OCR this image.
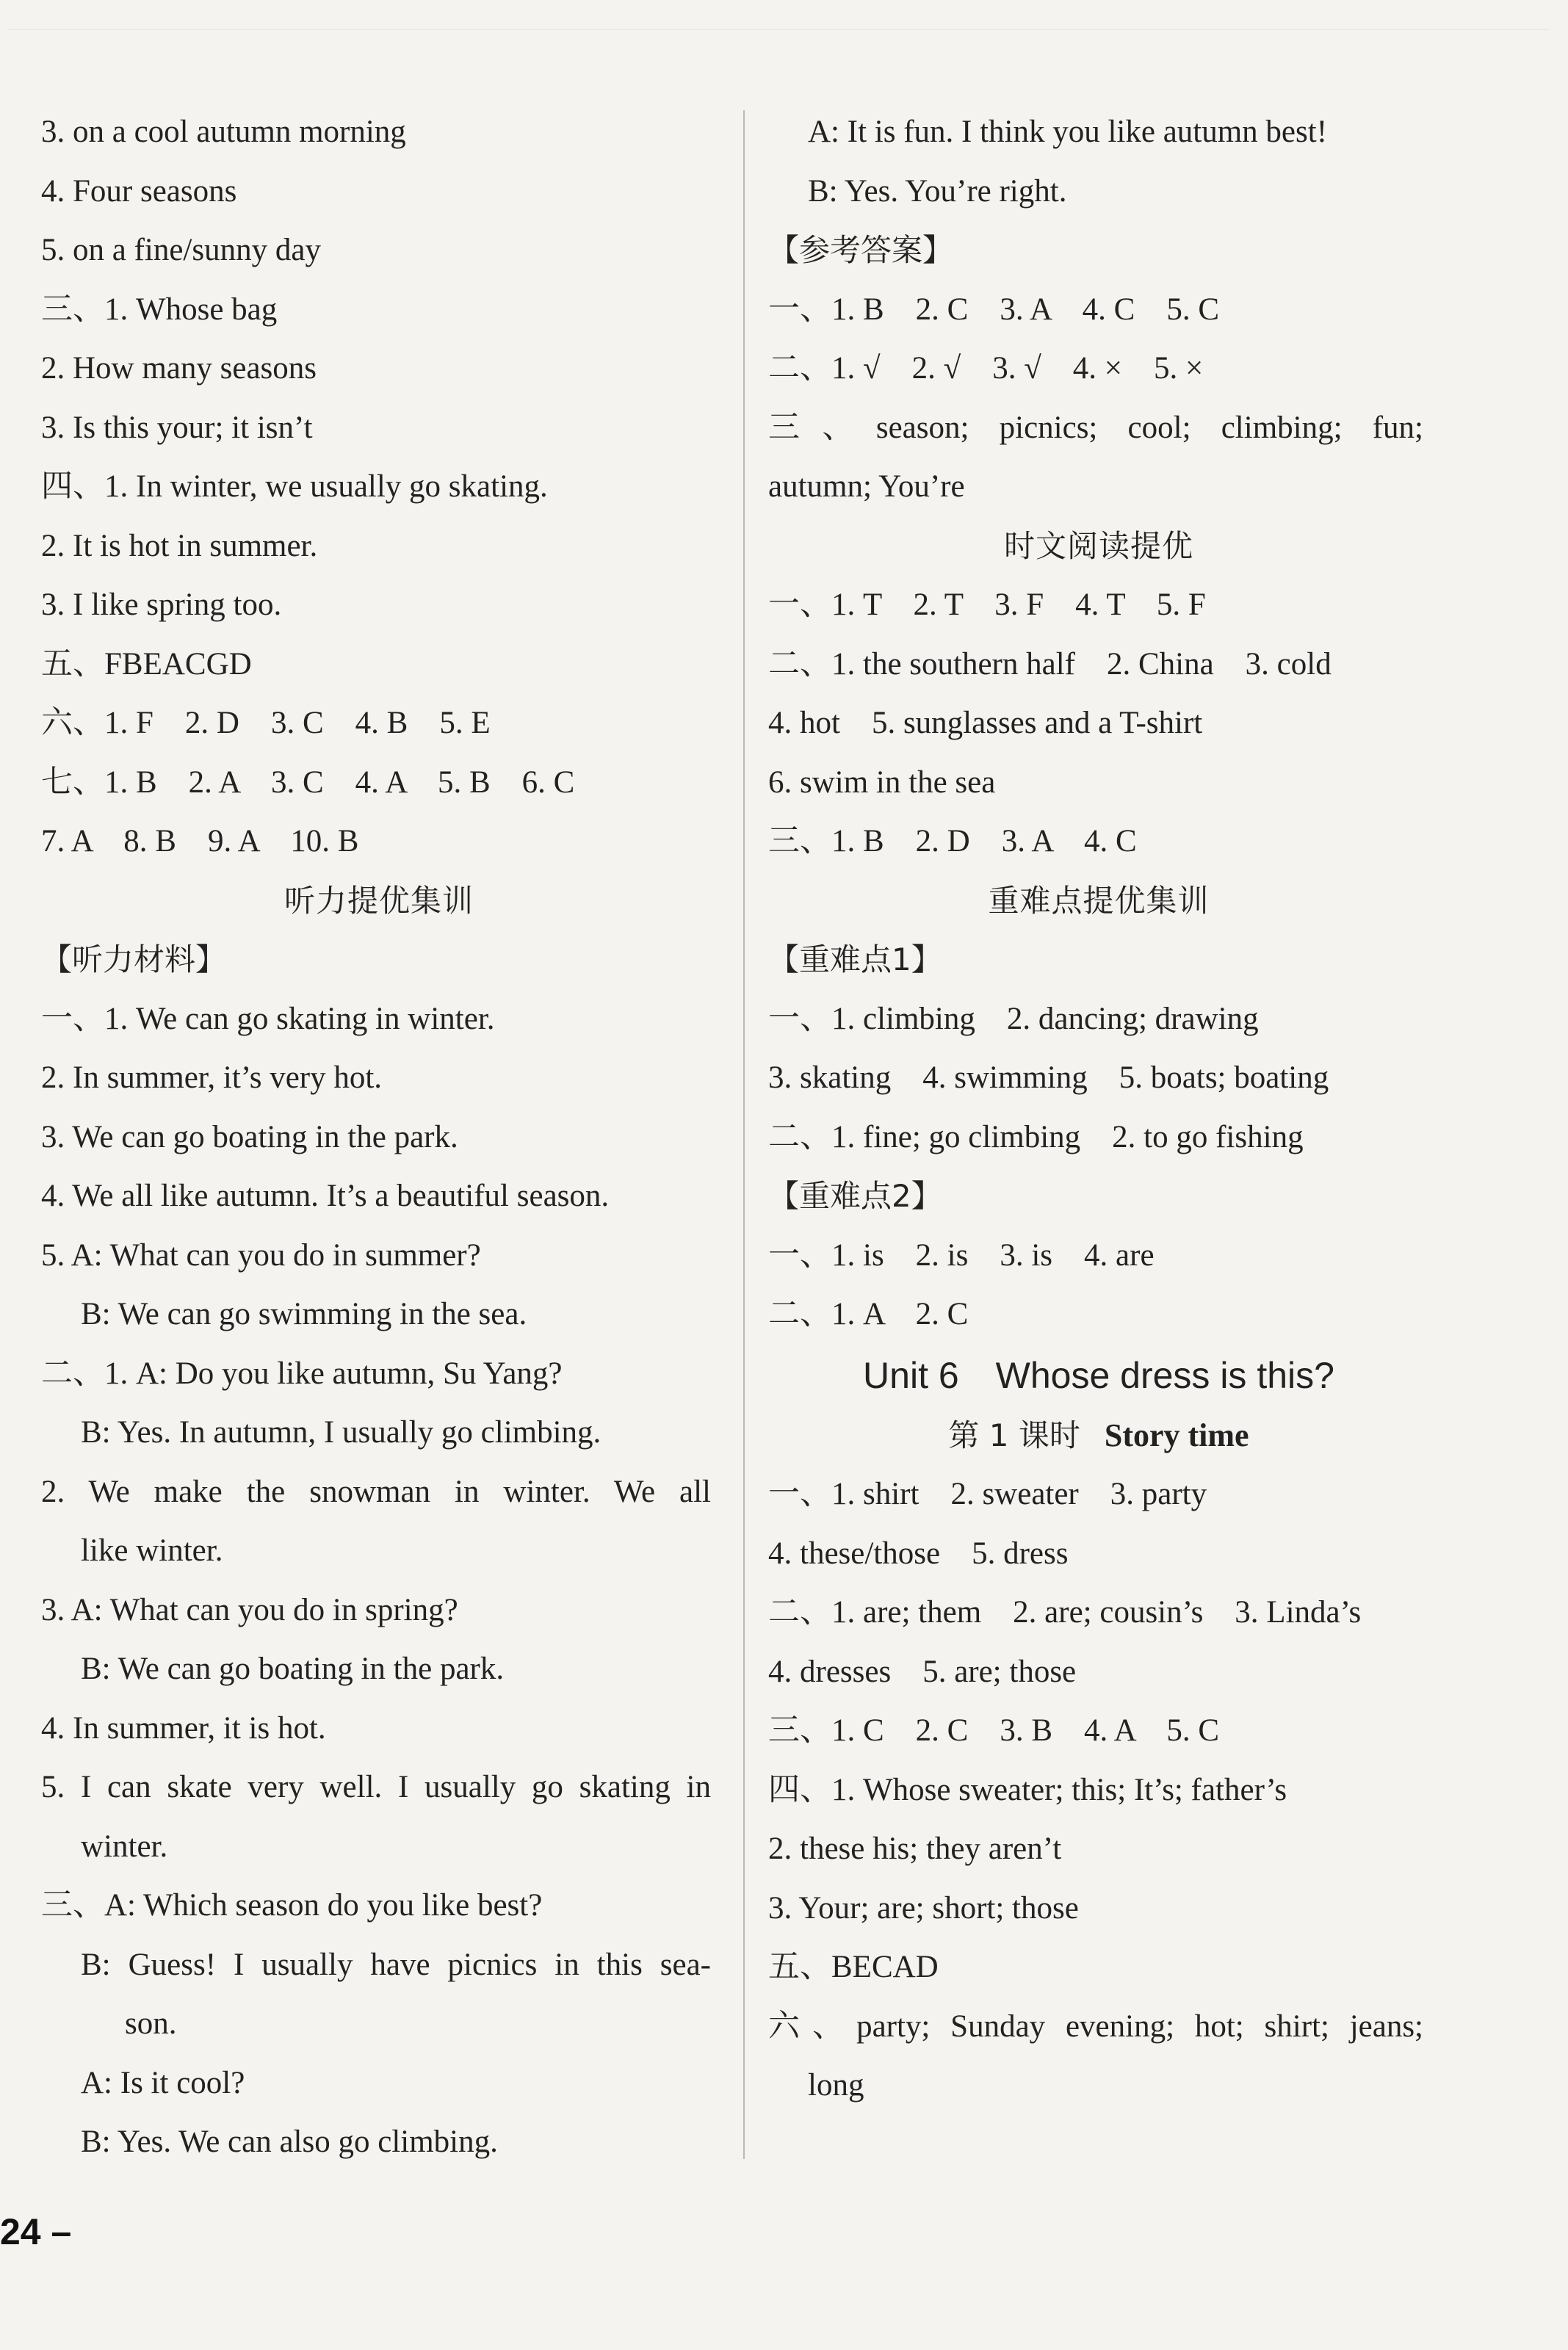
3. on a cool autumn morning
4. Four seasons
5. on a fine/sunny day
三、1. Whose bag
2. How many seasons
3. Is this your; it isn’t
四、1. In winter, we usually go skating.
2. It is hot in summer.
3. I like spring too.
五、FBEACGD
六、1. F　2. D　3. C　4. B　5. E
七、1. B　2. A　3. C　4. A　5. B　6. C
7. A　8. B　9. A　10. B
听力提优集训
【听力材料】
一、1. We can go skating in winter.
2. In summer, it’s very hot.
3. We can go boating in the park.
4. We all like autumn. It’s a beautiful season.
5. A: What can you do in summer?
B: We can go swimming in the sea.
二、1. A: Do you like autumn, Su Yang?
B: Yes. In autumn, I usually go climbing.
2. We make the snowman in winter. We all
like winter.
3. A: What can you do in spring?
B: We can go boating in the park.
4. In summer, it is hot.
5. I can skate very well. I usually go skating in
winter.
三、A: Which season do you like best?
B: Guess! I usually have picnics in this sea-
son.
A: Is it cool?
B: Yes. We can also go climbing.
A: It is fun. I think you like autumn best!
B: Yes. You’re right.
【参考答案】
一、1. B　2. C　3. A　4. C　5. C
二、1. √　2. √　3. √　4. ×　5. ×
三、season; picnics; cool; climbing; fun;
autumn; You’re
时文阅读提优
一、1. T　2. T　3. F　4. T　5. F
二、1. the southern half　2. China　3. cold
4. hot　5. sunglasses and a T-shirt
6. swim in the sea
三、1. B　2. D　3. A　4. C
重难点提优集训
【重难点1】
一、1. climbing　2. dancing; drawing
3. skating　4. swimming　5. boats; boating
二、1. fine; go climbing　2. to go fishing
【重难点2】
一、1. is　2. is　3. is　4. are
二、1. A　2. C
Unit 6　Whose dress is this?
第 1 课时 Story time
一、1. shirt　2. sweater　3. party
4. these/those　5. dress
二、1. are; them　2. are; cousin’s　3. Linda’s
4. dresses　5. are; those
三、1. C　2. C　3. B　4. A　5. C
四、1. Whose sweater; this; It’s; father’s
2. these his; they aren’t
3. Your; are; short; those
五、BECAD
六、party; Sunday evening; hot; shirt; jeans;
long
24 –
